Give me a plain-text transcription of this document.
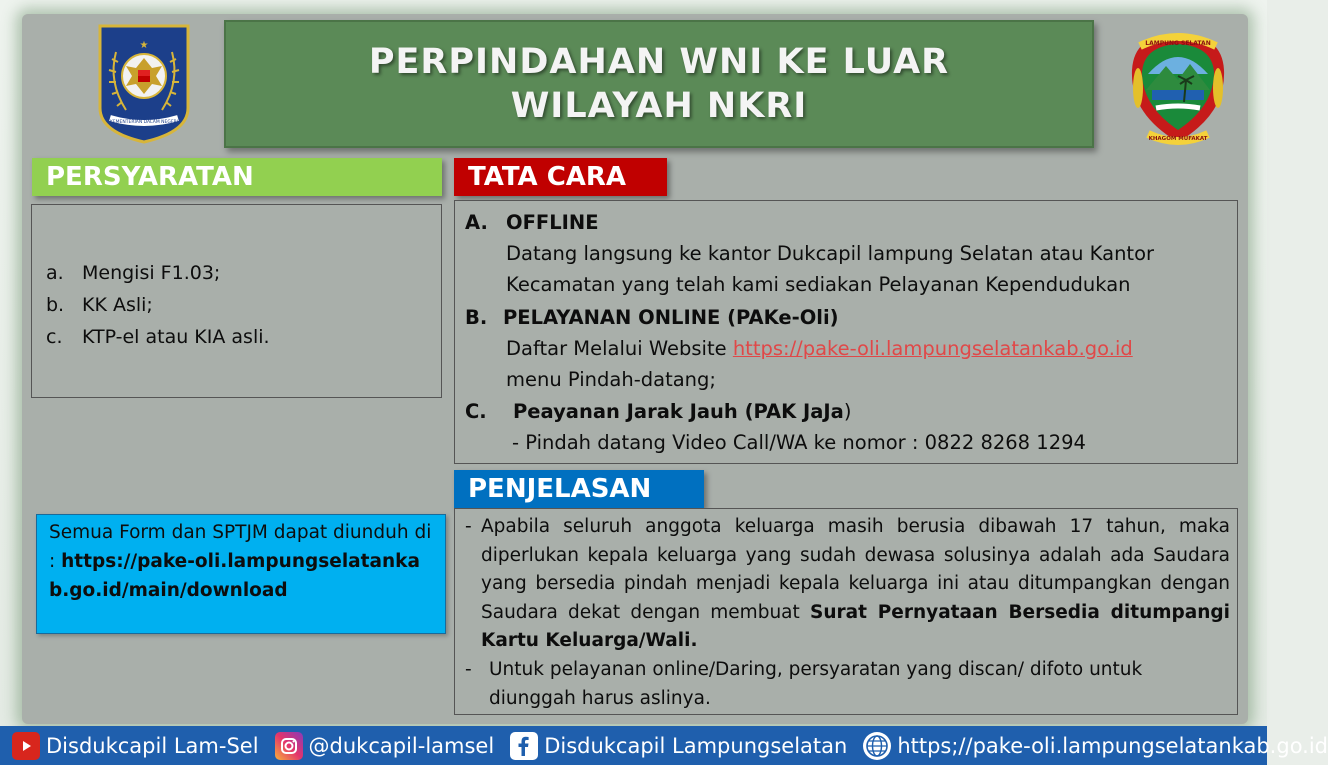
★
KEMENTERIAN DALAM NEGERI
PERPINDAHAN WNI KE LUAR
WILAYAH NKRI
LAMPUNG SELATAN
KHAGOM MUFAKAT
PERSYARATAN	TATA CARA
a. Mengisi F1.03;
b. KK Asli;
c.	KTP-el atau KIA asli.
A. OFFLINE
Datang langsung ke kantor Dukcapil lampung Selatan atau Kantor
Kecamatan yang telah kami sediakan Pelayanan Kependudukan
B. PELAYANAN ONLINE (PAKe-Oli)
Daftar Melalui Website https://pake-oli.lampungselatankab.go.id
menu Pindah-datang;
C. Peayanan Jarak Jauh (PAK JaJa)
- Pindah datang Video Call/WA ke nomor : 0822 8268 1294
PENJELASAN
Semua Form dan SPTJM dapat diunduh di : https://pake-oli.lampungselatankab.go.id/main/download
- Apabila seluruh anggota keluarga masih berusia dibawah 17 tahun, maka diperlukan kepala keluarga yang sudah dewasa solusinya adalah ada Saudara yang bersedia pindah menjadi kepala keluarga ini atau ditumpangkan dengan Saudara dekat dengan membuat Surat Pernyataan Bersedia ditumpangi Kartu Keluarga/Wali.
- Untuk pelayanan online/Daring, persyaratan yang discan/ difoto untuk diunggah harus aslinya.
Disdukcapil Lam-Sel @dukcapil-lamsel Disdukcapil Lampungselatan https;//pake-oli.lampungselatankab.go.id
